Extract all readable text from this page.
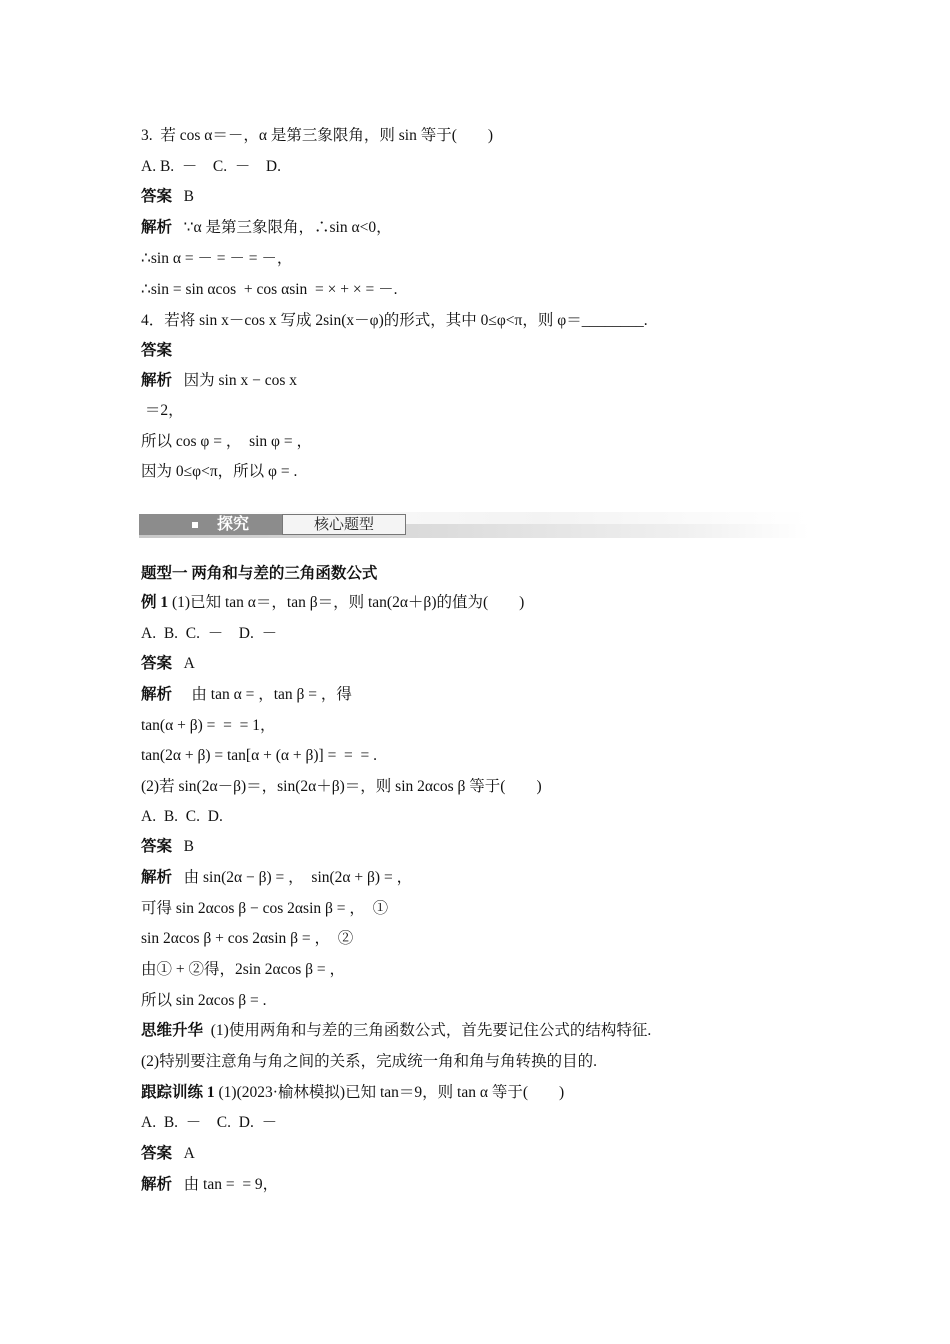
3.  若 cos α＝－，α 是第三象限角，则 sin 等于(        )
A. B.  －    C.  －    D.
答案   B
解析   ∵α 是第三象限角，∴sin α<0，
∴sin α = － = － = －，
∴sin = sin αcos  + cos αsin  = × + × = －.
4．若将 sin x－cos x 写成 2sin(x－φ)的形式，其中 0≤φ<π，则 φ＝________.
答案
解析   因为 sin x − cos x
＝2，
所以 cos φ = ，  sin φ = ，
因为 0≤φ<π，所以 φ = .
题型一 两角和与差的三角函数公式
例 1 (1)已知 tan α＝，tan β＝，则 tan(2α＋β)的值为(        )
A.  B.  C.  －    D.  －
答案   A
解析     由 tan α = ，tan β = ，得
tan(α + β) =  =  = 1，
tan(2α + β) = tan[α + (α + β)] =  =  = .
(2)若 sin(2α－β)＝，sin(2α＋β)＝，则 sin 2αcos β 等于(        )
A.  B.  C.  D.
答案   B
解析   由 sin(2α − β) = ，  sin(2α + β) = ，
可得 sin 2αcos β − cos 2αsin β = ，  ①
sin 2αcos β + cos 2αsin β = ，  ②
由① + ②得，2sin 2αcos β = ，
所以 sin 2αcos β = .
思维升华  (1)使用两角和与差的三角函数公式，首先要记住公式的结构特征.
(2)特别要注意角与角之间的关系，完成统一角和角与角转换的目的.
跟踪训练 1 (1)(2023·榆林模拟)已知 tan＝9，则 tan α 等于(        )
A.  B.  －    C.  D.  －
答案   A
解析   由 tan =  = 9，
探究	核心题型
